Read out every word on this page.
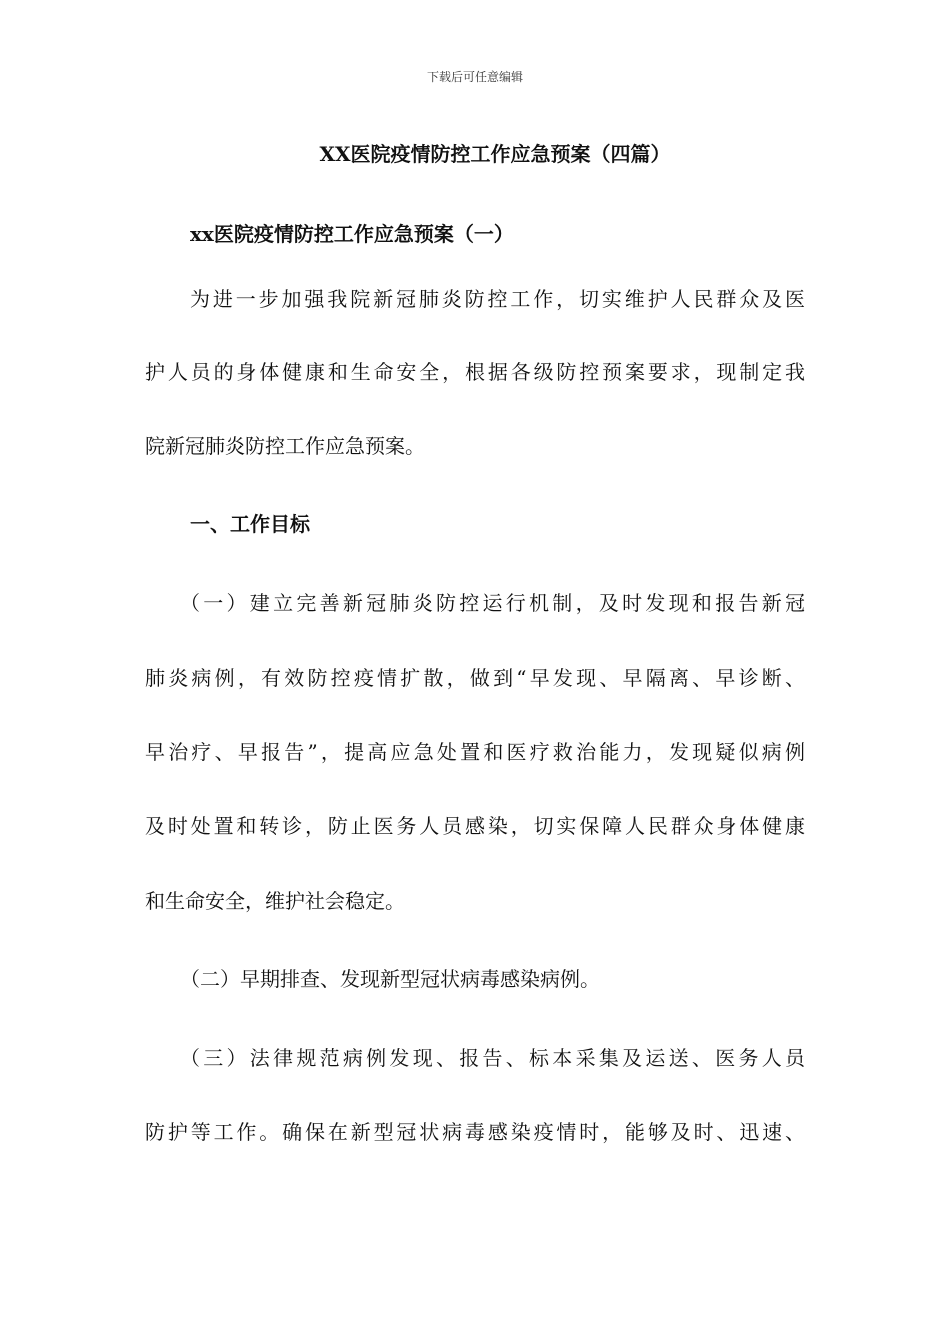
下载后可任意编辑
XX医院疫情防控工作应急预案（四篇）

xx医院疫情防控工作应急预案（一）

为进一步加强我院新冠肺炎防控工作，切实维护人民群众及医

护人员的身体健康和生命安全，根据各级防控预案要求，现制定我

院新冠肺炎防控工作应急预案。

一、工作目标

（一）建立完善新冠肺炎防控运行机制，及时发现和报告新冠

肺炎病例，有效防控疫情扩散，做到“早发现、早隔离、早诊断、

早治疗、早报告”，提高应急处置和医疗救治能力，发现疑似病例

及时处置和转诊，防止医务人员感染，切实保障人民群众身体健康

和生命安全，维护社会稳定。

（二）早期排查、发现新型冠状病毒感染病例。

（三）法律规范病例发现、报告、标本采集及运送、医务人员

防护等工作。确保在新型冠状病毒感染疫情时，能够及时、迅速、
